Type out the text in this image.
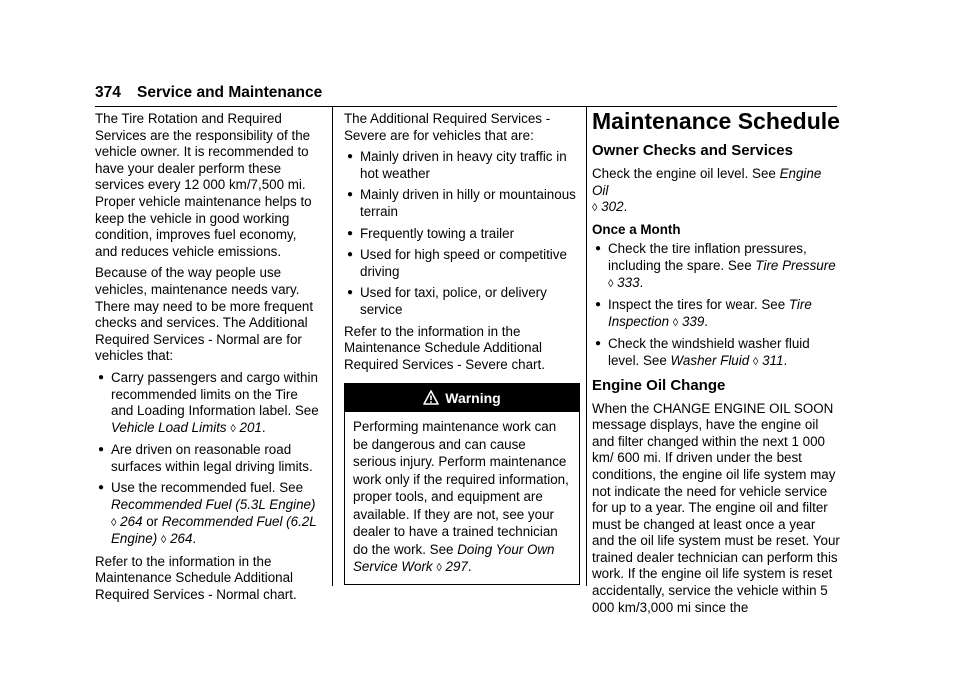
374 Service and Maintenance

The Tire Rotation and Required Services are the responsibility of the vehicle owner. It is recommended to have your dealer perform these services every 12 000 km/7,500 mi. Proper vehicle maintenance helps to keep the vehicle in good working condition, improves fuel economy, and reduces vehicle emissions.

Because of the way people use vehicles, maintenance needs vary. There may need to be more frequent checks and services. The Additional Required Services - Normal are for vehicles that:

● Carry passengers and cargo within recommended limits on the Tire and Loading Information label. See Vehicle Load Limits ◊ 201.
● Are driven on reasonable road surfaces within legal driving limits.
● Use the recommended fuel. See Recommended Fuel (5.3L Engine) ◊ 264 or Recommended Fuel (6.2L Engine) ◊ 264.

Refer to the information in the Maintenance Schedule Additional Required Services - Normal chart.

The Additional Required Services - Severe are for vehicles that are:

● Mainly driven in heavy city traffic in hot weather
● Mainly driven in hilly or mountainous terrain
● Frequently towing a trailer
● Used for high speed or competitive driving
● Used for taxi, police, or delivery service

Refer to the information in the Maintenance Schedule Additional Required Services - Severe chart.

Warning
Performing maintenance work can be dangerous and can cause serious injury. Perform maintenance work only if the required information, proper tools, and equipment are available. If they are not, see your dealer to have a trained technician do the work. See Doing Your Own Service Work ◊ 297.
Maintenance Schedule
Owner Checks and Services

Check the engine oil level. See Engine Oil
◊ 302.

Once a Month
● Check the tire inflation pressures, including the spare. See Tire Pressure
◊ 333.
● Inspect the tires for wear. See Tire Inspection ◊ 339.
● Check the windshield washer fluid level. See Washer Fluid ◊ 311.
Engine Oil Change

When the CHANGE ENGINE OIL SOON message displays, have the engine oil and filter changed within the next 1 000 km/ 600 mi. If driven under the best conditions, the engine oil life system may not indicate the need for vehicle service for up to a year. The engine oil and filter must be changed at least once a year and the oil life system must be reset. Your trained dealer technician can perform this work. If the engine oil life system is reset accidentally, service the vehicle within 5 000 km/3,000 mi since the
